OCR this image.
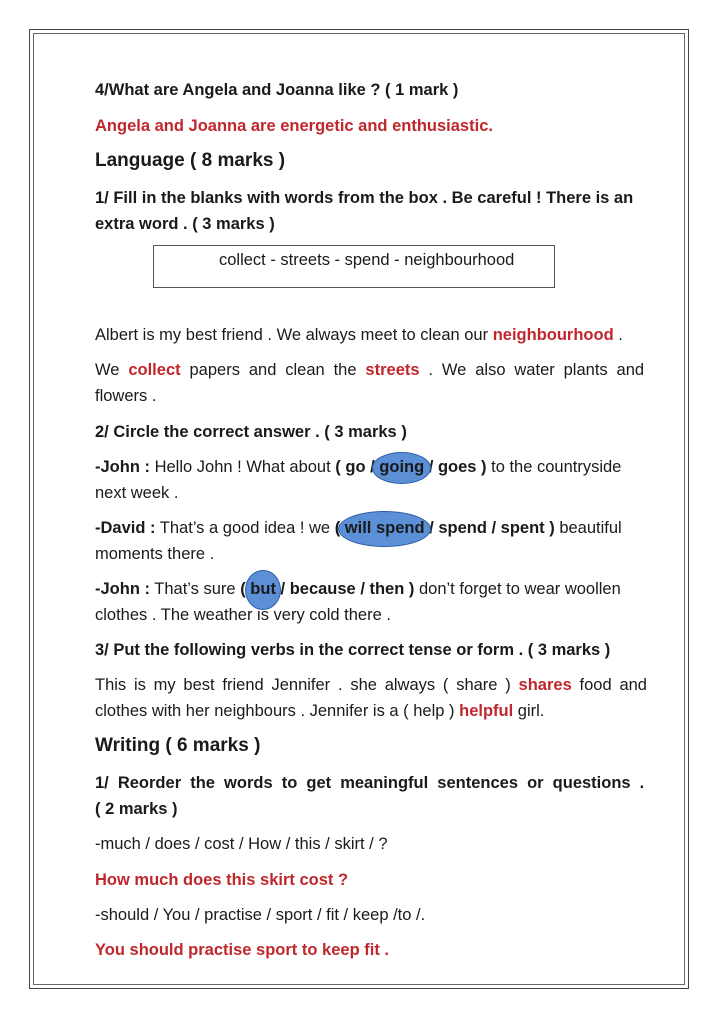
4/What are Angela and Joanna like ? ( 1 mark )
Angela and Joanna are energetic and enthusiastic.
Language ( 8 marks )
1/ Fill in the blanks with words from the box . Be careful ! There is an
extra word . ( 3 marks )
collect - streets - spend - neighbourhood
Albert is my best friend . We always meet to clean our neighbourhood .
We collect papers and clean the streets . We also water plants and
flowers .
2/ Circle the correct answer . ( 3 marks )
-John : Hello John ! What about ( go / going / goes ) to the countryside
next week .
-David : That’s a good idea ! we ( will spend / spend / spent ) beautiful
moments there .
-John : That’s sure ( but / because / then ) don’t forget to wear woollen
clothes . The weather is very cold there .
3/ Put the following verbs in the correct tense or form . ( 3 marks )
This is my best friend Jennifer . she always ( share ) shares food and
clothes with her neighbours . Jennifer is a ( help ) helpful girl.
Writing ( 6 marks )
1/ Reorder the words to get meaningful sentences or questions .
( 2 marks )
-much / does / cost / How / this / skirt / ?
How much does this skirt cost ?
-should / You / practise / sport / fit / keep /to /.
You should practise sport to keep fit .
